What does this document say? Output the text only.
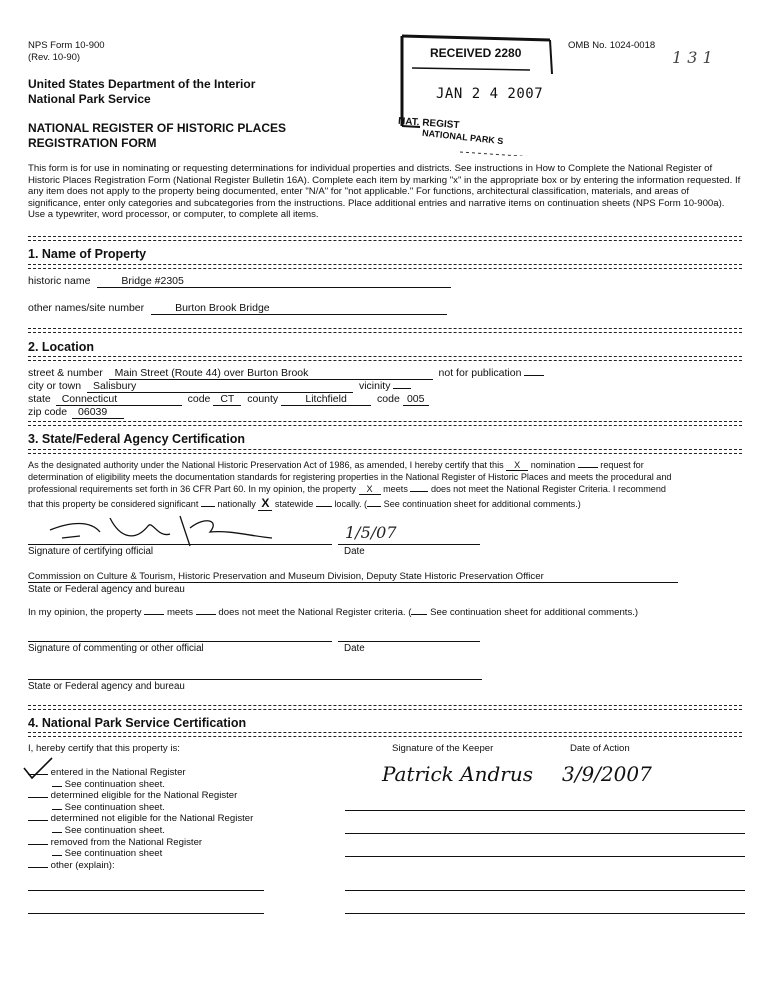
NPS Form 10-900
(Rev. 10-90)
OMB No. 1024-0018
1 3 1
United States Department of the Interior
National Park Service
NATIONAL REGISTER OF HISTORIC PLACES
REGISTRATION FORM
RECEIVED 2280
JAN 2 4 2007
NAT. REGIST
NATIONAL PARK S
This form is for use in nominating or requesting determinations for individual properties and districts. See instructions in How to Complete the National Register of Historic Places Registration Form (National Register Bulletin 16A). Complete each item by marking "x" in the appropriate box or by entering the information requested. If any item does not apply to the property being documented, enter "N/A" for "not applicable." For functions, architectural classification, materials, and areas of significance, enter only categories and subcategories from the instructions. Place additional entries and narrative items on continuation sheets (NPS Form 10-900a). Use a typewriter, word processor, or computer, to complete all items.
1. Name of Property
historic name	Bridge #2305
other names/site number	Burton Brook Bridge
2. Location
street & number Main Street (Route 44) over Burton Brook	not for publication
city or town Salisbury	vicinity
state Connecticut	code CT county	Litchfield	code 005
zip code 06039
3. State/Federal Agency Certification
As the designated authority under the National Historic Preservation Act of 1986, as amended, I hereby certify that this X nomination	request for
determination of eligibility meets the documentation standards for registering properties in the National Register of Historic Places and meets the procedural and
professional requirements set forth in 36 CFR Part 60. In my opinion, the property X meets	does not meet the National Register Criteria. I recommend
that this property be considered significant nationally X statewide locally. ( See continuation sheet for additional comments.)
1/5/07
Signature of certifying official	Date
Commission on Culture & Tourism, Historic Preservation and Museum Division, Deputy State Historic Preservation Officer
State or Federal agency and bureau
In my opinion, the property	meets	does not meet the National Register criteria. ( See continuation sheet for additional comments.)
Signature of commenting or other official	Date
State or Federal agency and bureau
4. National Park Service Certification
I, hereby certify that this property is:	Signature of the Keeper	Date of Action
entered in the National Register
See continuation sheet.
determined eligible for the National Register
See continuation sheet.
determined not eligible for the National Register
See continuation sheet.
removed from the National Register
See continuation sheet
other (explain):
Patrick Andrus 3/9/2007
